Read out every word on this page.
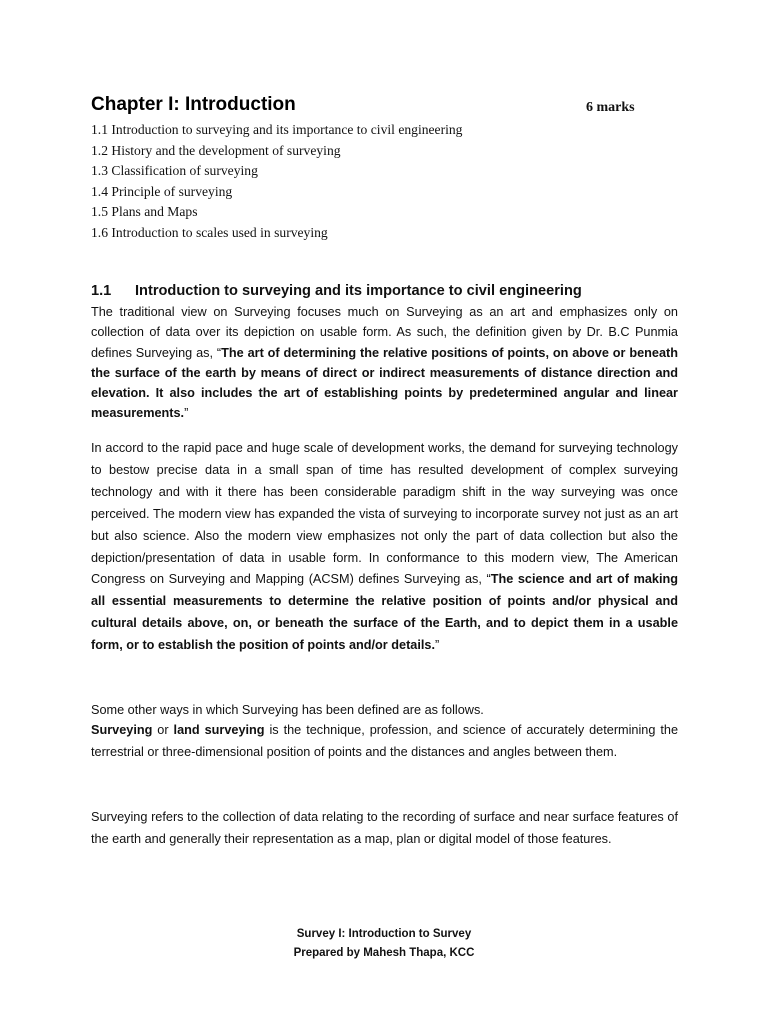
Chapter I: Introduction	6 marks
1.1 Introduction to surveying and its importance to civil engineering
1.2 History and the development of surveying
1.3 Classification of surveying
1.4 Principle of surveying
1.5 Plans and Maps
1.6 Introduction to scales used in surveying
1.1 Introduction to surveying and its importance to civil engineering

The traditional view on Surveying focuses much on Surveying as an art and emphasizes only on collection of data over its depiction on usable form. As such, the definition given by Dr. B.C Punmia defines Surveying as, “The art of determining the relative positions of points, on above or beneath the surface of the earth by means of direct or indirect measurements of distance direction and elevation. It also includes the art of establishing points by predetermined angular and linear measurements.”

In accord to the rapid pace and huge scale of development works, the demand for surveying technology to bestow precise data in a small span of time has resulted development of complex surveying technology and with it there has been considerable paradigm shift in the way surveying was once perceived. The modern view has expanded the vista of surveying to incorporate survey not just as an art but also science. Also the modern view emphasizes not only the part of data collection but also the depiction/presentation of data in usable form. In conformance to this modern view, The American Congress on Surveying and Mapping (ACSM) defines Surveying as, “The science and art of making all essential measurements to determine the relative position of points and/or physical and cultural details above, on, or beneath the surface of the Earth, and to depict them in a usable form, or to establish the position of points and/or details.”

Some other ways in which Surveying has been defined are as follows.

Surveying or land surveying is the technique, profession, and science of accurately determining the terrestrial or three-dimensional position of points and the distances and angles between them.

Surveying refers to the collection of data relating to the recording of surface and near surface features of the earth and generally their representation as a map, plan or digital model of those features.

Survey I: Introduction to Survey
Prepared by Mahesh Thapa, KCC
